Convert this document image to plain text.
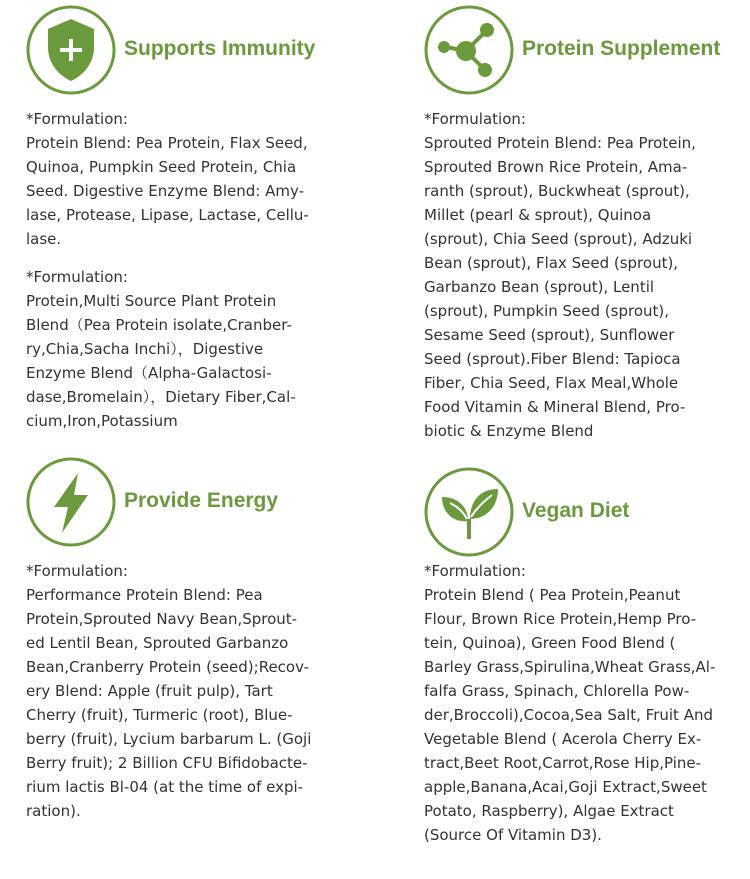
Supports Immunity

*Formulation:
Protein Blend: Pea Protein, Flax Seed,
Quinoa, Pumpkin Seed Protein, Chia
Seed. Digestive Enzyme Blend: Amy-
lase, Protease, Lipase, Lactase, Cellu-
lase.

*Formulation:
Protein,Multi Source Plant Protein
Blend（Pea Protein isolate,Cranber-
ry,Chia,Sacha Inchi），Digestive
Enzyme Blend（Alpha-Galactosi-
dase,Bromelain），Dietary Fiber,Cal-
cium,Iron,Potassium

Protein Supplement

*Formulation:
Sprouted Protein Blend: Pea Protein,
Sprouted Brown Rice Protein, Ama-
ranth (sprout), Buckwheat (sprout),
Millet (pearl & sprout), Quinoa
(sprout), Chia Seed (sprout), Adzuki
Bean (sprout), Flax Seed (sprout),
Garbanzo Bean (sprout), Lentil
(sprout), Pumpkin Seed (sprout),
Sesame Seed (sprout), Sunflower
Seed (sprout).Fiber Blend: Tapioca
Fiber, Chia Seed, Flax Meal,Whole
Food Vitamin & Mineral Blend, Pro-
biotic & Enzyme Blend

Provide Energy

*Formulation:
Performance Protein Blend: Pea
Protein,Sprouted Navy Bean,Sprout-
ed Lentil Bean, Sprouted Garbanzo
Bean,Cranberry Protein (seed);Recov-
ery Blend: Apple (fruit pulp), Tart
Cherry (fruit), Turmeric (root), Blue-
berry (fruit), Lycium barbarum L. (Goji
Berry fruit); 2 Billion CFU Bifidobacte-
rium lactis Bl-04 (at the time of expi-
ration).

Vegan Diet

*Formulation:
Protein Blend ( Pea Protein,Peanut
Flour, Brown Rice Protein,Hemp Pro-
tein, Quinoa), Green Food Blend (
Barley Grass,Spirulina,Wheat Grass,Al-
falfa Grass, Spinach, Chlorella Pow-
der,Broccoli),Cocoa,Sea Salt, Fruit And
Vegetable Blend ( Acerola Cherry Ex-
tract,Beet Root,Carrot,Rose Hip,Pine-
apple,Banana,Acai,Goji Extract,Sweet
Potato, Raspberry), Algae Extract
(Source Of Vitamin D3).
